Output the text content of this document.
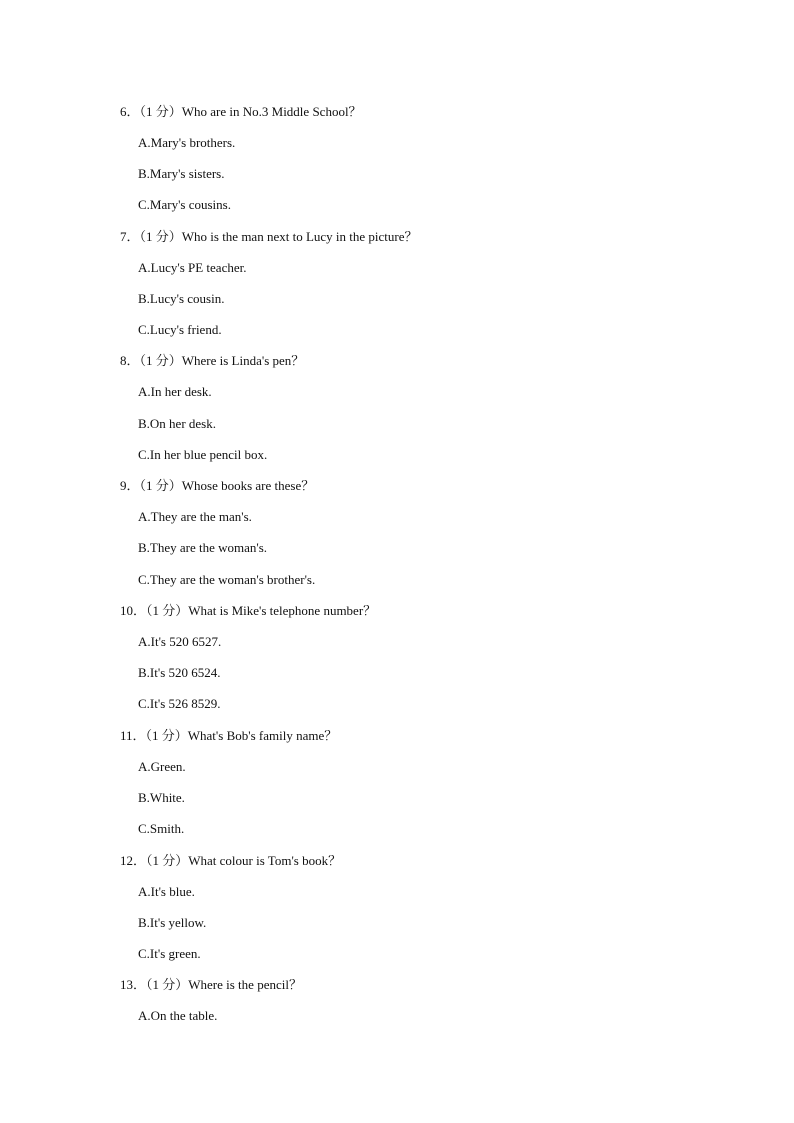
6．（1 分）Who are in No.3 Middle School？
A.Mary's brothers.
B.Mary's sisters.
C.Mary's cousins.
7．（1 分）Who is the man next to Lucy in the picture？
A.Lucy's PE teacher.
B.Lucy's cousin.
C.Lucy's friend.
8．（1 分）Where is Linda's pen？
A.In her desk.
B.On her desk.
C.In her blue pencil box.
9．（1 分）Whose books are these？
A.They are the man's.
B.They are the woman's.
C.They are the woman's brother's.
10．（1 分）What is Mike's telephone number？
A.It's 520 6527.
B.It's 520 6524.
C.It's 526 8529.
11．（1 分）What's Bob's family name？
A.Green.
B.White.
C.Smith.
12．（1 分）What colour is Tom's book？
A.It's blue.
B.It's yellow.
C.It's green.
13．（1 分）Where is the pencil？
A.On the table.
